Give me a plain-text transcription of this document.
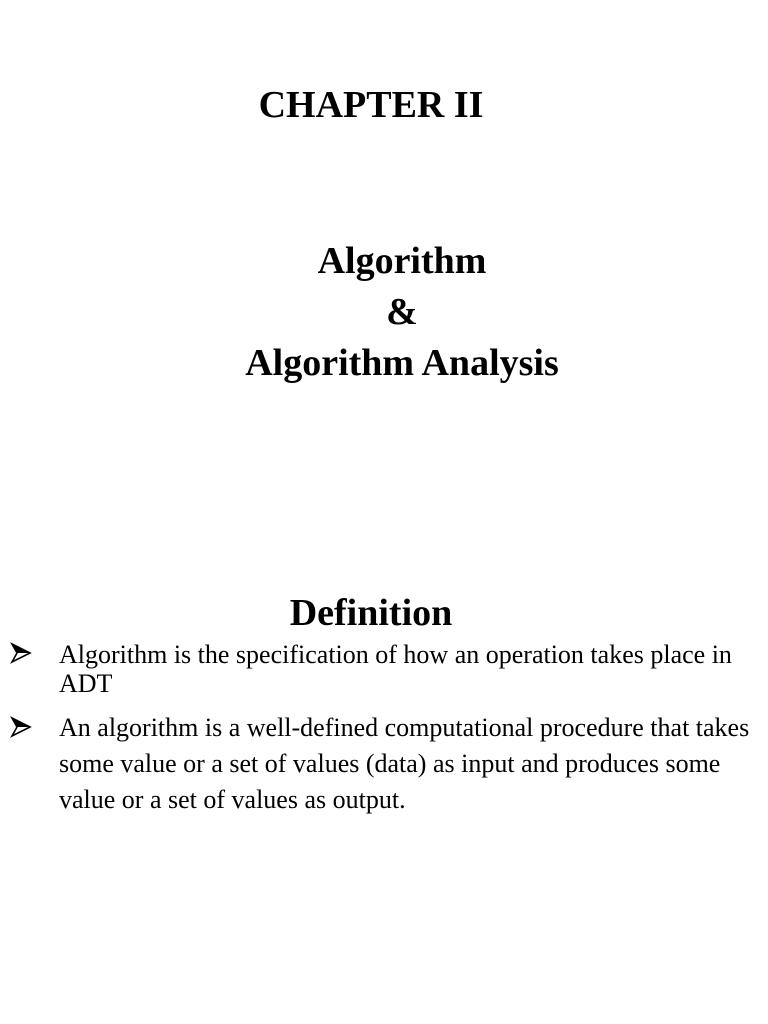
CHAPTER II
Algorithm
&
Algorithm Analysis
Definition
Algorithm is the specification of how an operation takes place in ADT
An algorithm is a well-defined computational procedure that takes some value or a set of values (data) as input and produces some value or a set of values as output.
